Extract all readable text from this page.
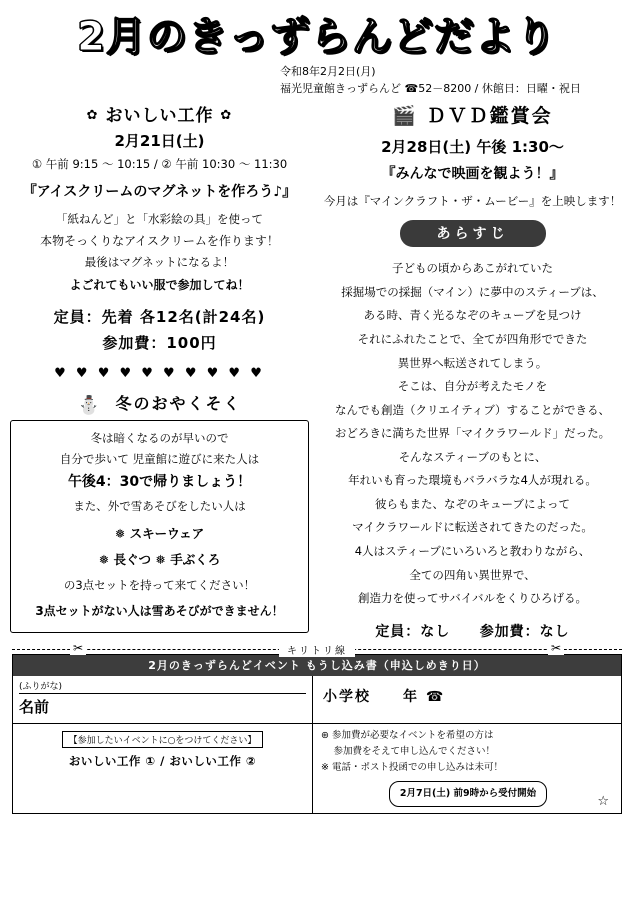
2月のきっずらんどだより
令和8年2月2日(月)
福光児童館きっずらんど ☎52－8200 / 休館日：日曜・祝日
✿ おいしい工作 ✿
2月21日(土)
① 午前 9:15 ～ 10:15 / ② 午前 10:30 ～ 11:30
『アイスクリームのマグネットを作ろう♪』
「紙ねんど」と「水彩絵の具」を使って
本物そっくりなアイスクリームを作ります！
最後はマグネットになるよ！
よごれてもいい服で参加してね！
定員：先着 各12名(計24名)
参加費：100円
♥ ♥ ♥ ♥ ♥ ♥ ♥ ♥ ♥ ♥
⛄ 冬のおやくそく
冬は暗くなるのが早いので
自分で歩いて 児童館に遊びに来た人は
午後4：30で帰りましょう！
また、外で雪あそびをしたい人は
❅ スキーウェア
❅ 長ぐつ ❅ 手ぶくろ
の3点セットを持って来てください！
3点セットがない人は雪あそびができません！
🎬 ＤＶＤ鑑賞会
2月28日(土) 午後 1:30～
『みんなで映画を観よう！』
今月は『マインクラフト・ザ・ムービー』を上映します！
あらすじ
子どもの頃からあこがれていた
採掘場での採掘（マイン）に夢中のスティーブは、
ある時、青く光るなぞのキューブを見つけ
それにふれたことで、全てが四角形でできた
異世界へ転送されてしまう。
そこは、自分が考えたモノを
なんでも創造（クリエイティブ）することができる、
おどろきに満ちた世界「マイクラワールド」だった。
そんなスティーブのもとに、
年れいも育った環境もバラバラな4人が現れる。
彼らもまた、なぞのキューブによって
マイクラワールドに転送されてきたのだった。
4人はスティーブにいろいろと教わりながら、
全ての四角い異世界で、
創造力を使ってサバイバルをくりひろげる。
定員：なし 参加費：なし
✂	キリトリ線	✂
2月のきっずらんどイベント もうし込み書（申込しめきり日）
(ふりがな)
名前
小学校　　年 ☎
【参加したいイベントに○をつけてください】
おいしい工作 ① / おいしい工作 ②
⊛ 参加費が必要なイベントを希望の方は
　 参加費をそえて申し込んでください！
※ 電話・ポスト投函での申し込みは未可！
2月7日(土) 前9時から受付開始
☆
